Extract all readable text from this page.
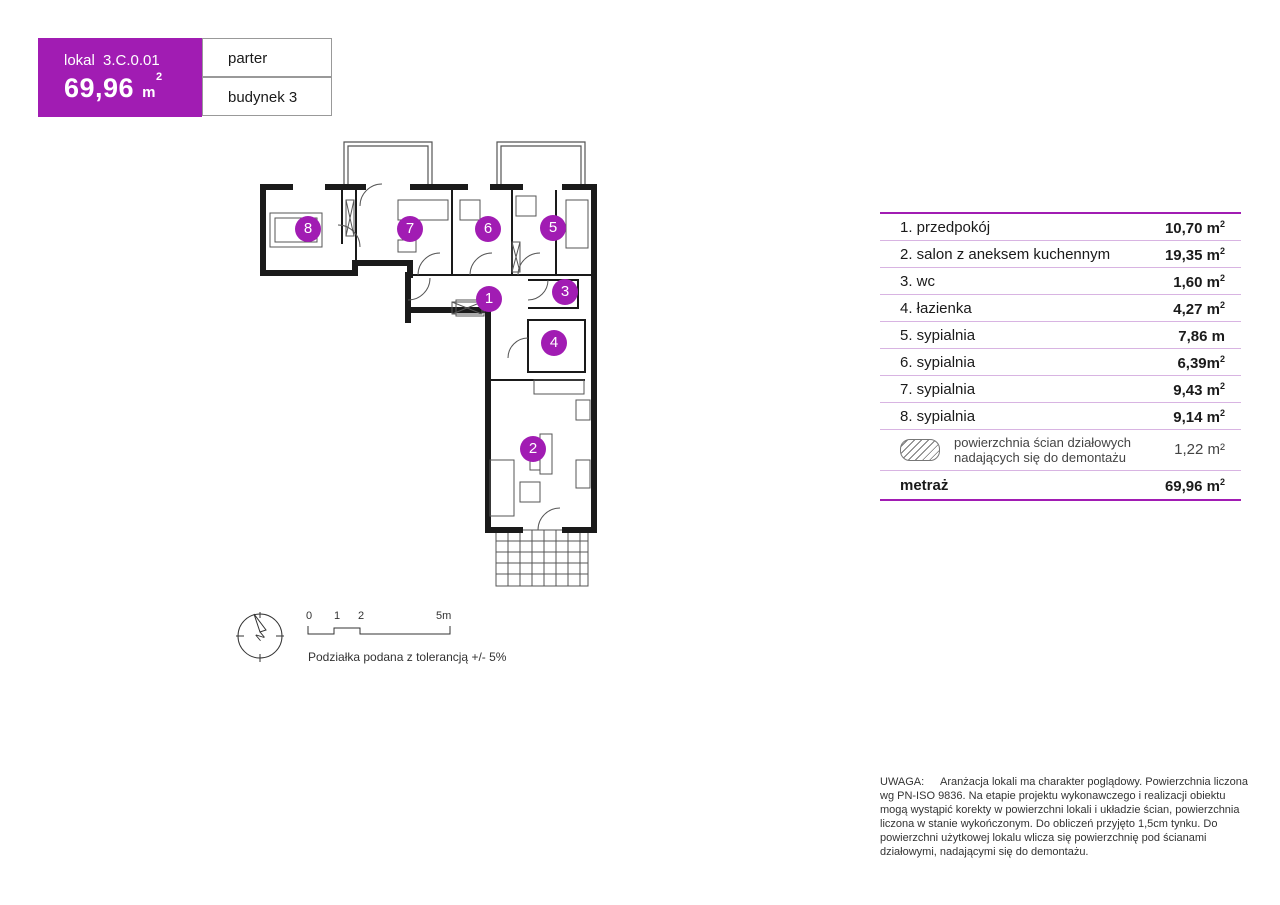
lokal 3.C.0.01
69,96 $m^2$
parter
budynek 3
1
2
3
4
5
6
7
8	1. przedpokój	10,70 $m^2$
2. salon z aneksem kuchennym	19,35 $m^2$
3. wc	1,60 $m^2$
4. łazienka	4,27 $m^2$
5. sypialnia	7,86 m
6. sypialnia	$6,39m^2$
7. sypialnia	9,43 $m^2$
8. sypialnia	9,14 $m^2$
powierzchnia ścian działowych nadających się do demontażu	1,22 m²
metraż	69,96 $m^2$
N
0 1 2	5m
Podziałka podana z tolerancją +/- 5%
UWAGA: Aranżacja lokali ma charakter poglądowy. Powierzchnia liczona wg PN-ISO 9836. Na etapie projektu wykonawczego i realizacji obiektu mogą wystąpić korekty w powierzchni lokali i układzie ścian, powierzchnia liczona w stanie wykończonym. Do obliczeń przyjęto 1,5cm tynku. Do powierzchni użytkowej lokalu wlicza się powierzchnię pod ścianami działowymi, nadającymi się do demontażu.
